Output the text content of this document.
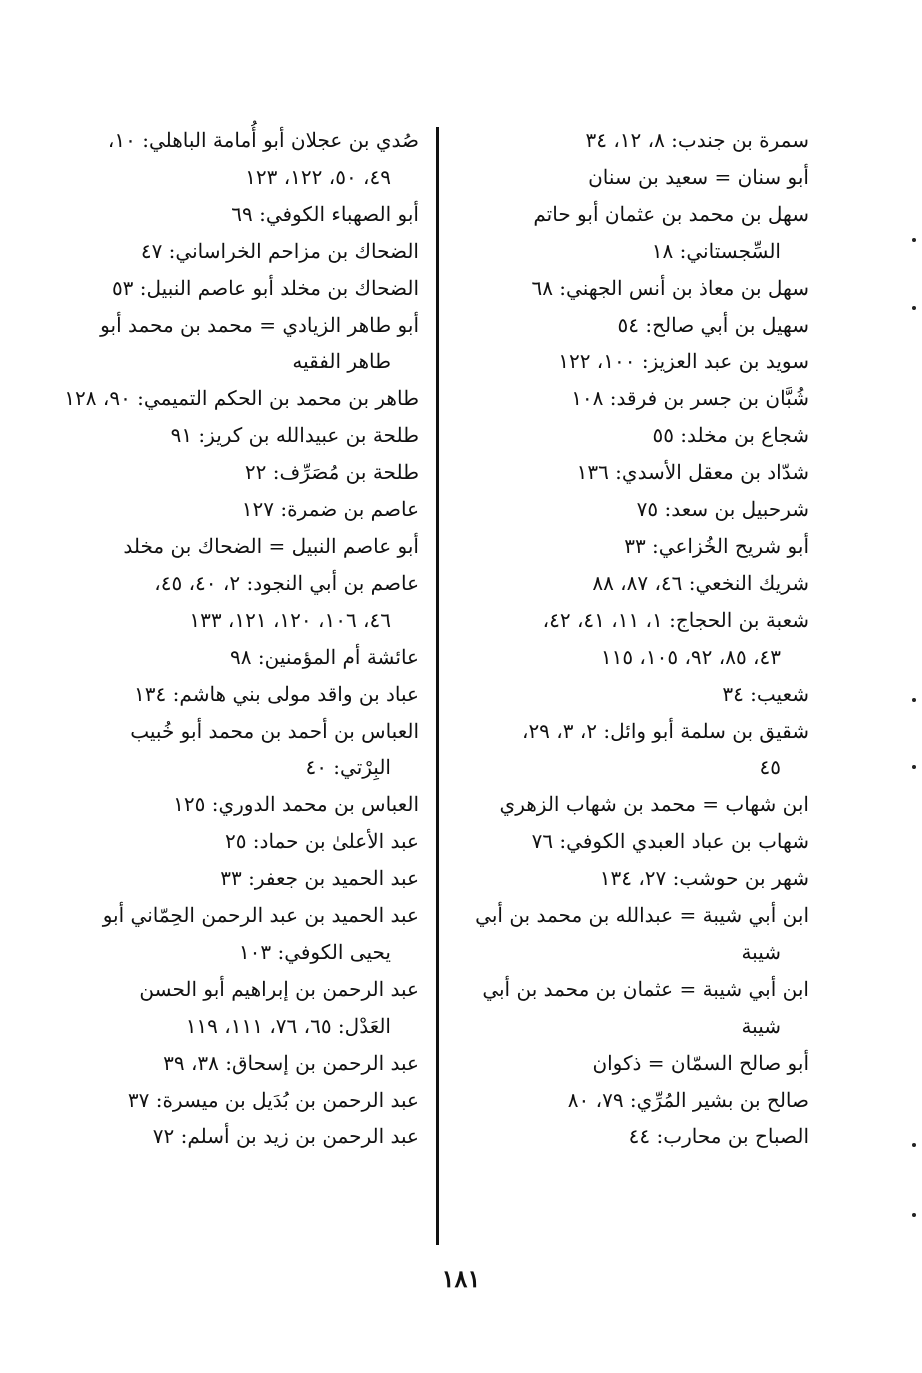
سمرة بن جندب: ٨، ١٢، ٣٤
أبو سنان = سعيد بن سنان
سهل بن محمد بن عثمان أبو حاتم
السِّجستاني: ١٨
سهل بن معاذ بن أنس الجهني: ٦٨
سهيل بن أبي صالح: ٥٤
سويد بن عبد العزيز: ١٠٠، ١٢٢
شُبَّان بن جسر بن فرقد: ١٠٨
شجاع بن مخلد: ٥٥
شدّاد بن معقل الأسدي: ١٣٦
شرحبيل بن سعد: ٧٥
أبو شريح الخُزاعي: ٣٣
شريك النخعي: ٤٦، ٨٧، ٨٨
شعبة بن الحجاج: ١، ١١، ٤١، ٤٢،
٤٣، ٨٥، ٩٢، ١٠٥، ١١٥
شعيب: ٣٤
شقيق بن سلمة أبو وائل: ٢، ٣، ٢٩،
٤٥
ابن شهاب = محمد بن شهاب الزهري
شهاب بن عباد العبدي الكوفي: ٧٦
شهر بن حوشب: ٢٧، ١٣٤
ابن أبي شيبة = عبدالله بن محمد بن أبي
شيبة
ابن أبي شيبة = عثمان بن محمد بن أبي
شيبة
أبو صالح السمّان = ذكوان
صالح بن بشير المُرِّي: ٧٩، ٨٠
الصباح بن محارب: ٤٤
صُدي بن عجلان أبو أُمامة الباهلي: ١٠،
٤٩، ٥٠، ١٢٢، ١٢٣
أبو الصهباء الكوفي: ٦٩
الضحاك بن مزاحم الخراساني: ٤٧
الضحاك بن مخلد أبو عاصم النبيل: ٥٣
أبو طاهر الزيادي = محمد بن محمد أبو
طاهر الفقيه
طاهر بن محمد بن الحكم التميمي: ٩٠، ١٢٨
طلحة بن عبيدالله بن كريز: ٩١
طلحة بن مُصَرِّف: ٢٢
عاصم بن ضمرة: ١٢٧
أبو عاصم النبيل = الضحاك بن مخلد
عاصم بن أبي النجود: ٢، ٤٠، ٤٥،
٤٦، ١٠٦، ١٢٠، ١٢١، ١٣٣
عائشة أم المؤمنين: ٩٨
عباد بن واقد مولى بني هاشم: ١٣٤
العباس بن أحمد بن محمد أبو خُبيب
البِرْتي: ٤٠
العباس بن محمد الدوري: ١٢٥
عبد الأعلىٰ بن حماد: ٢٥
عبد الحميد بن جعفر: ٣٣
عبد الحميد بن عبد الرحمن الحِمّاني أبو
يحيى الكوفي: ١٠٣
عبد الرحمن بن إبراهيم أبو الحسن
العَدْل: ٦٥، ٧٦، ١١١، ١١٩
عبد الرحمن بن إسحاق: ٣٨، ٣٩
عبد الرحمن بن بُدَيل بن ميسرة: ٣٧
عبد الرحمن بن زيد بن أسلم: ٧٢
١٨١
